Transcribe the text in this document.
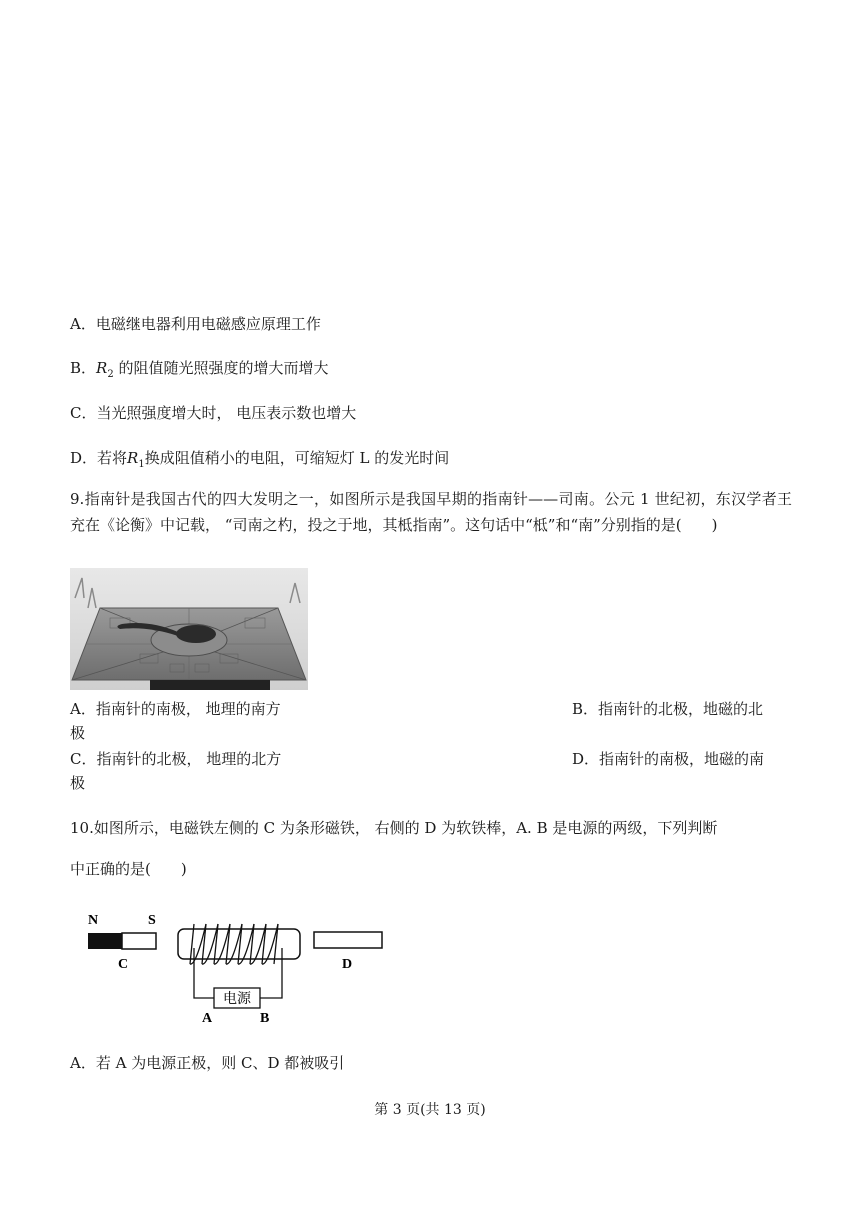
A．电磁继电器利用电磁感应原理工作
B．$R_2$ 的阻值随光照强度的增大而增大
C．当光照强度增大时， 电压表示数也增大
D．若将$R_1$换成阻值稍小的电阻，可缩短灯 L 的发光时间
9.指南针是我国古代的四大发明之一，如图所示是我国早期的指南针——司南。公元 1 世纪初，东汉学者王充在《论衡》中记载， “司南之杓，投之于地，其柢指南”。这句话中“柢”和“南”分别指的是(　　)
A．指南针的南极， 地理的南方	B．指南针的北极，地磁的北
极
C．指南针的北极， 地理的北方	D．指南针的南极，地磁的南
极
10.如图所示，电磁铁左侧的 C 为条形磁铁， 右侧的 D 为软铁棒，A. B 是电源的两级，下列判断
中正确的是(　　)
N	S
C
电源
A	B
D
A．若 A 为电源正极，则 C、D 都被吸引
第 3 页(共 13 页)
